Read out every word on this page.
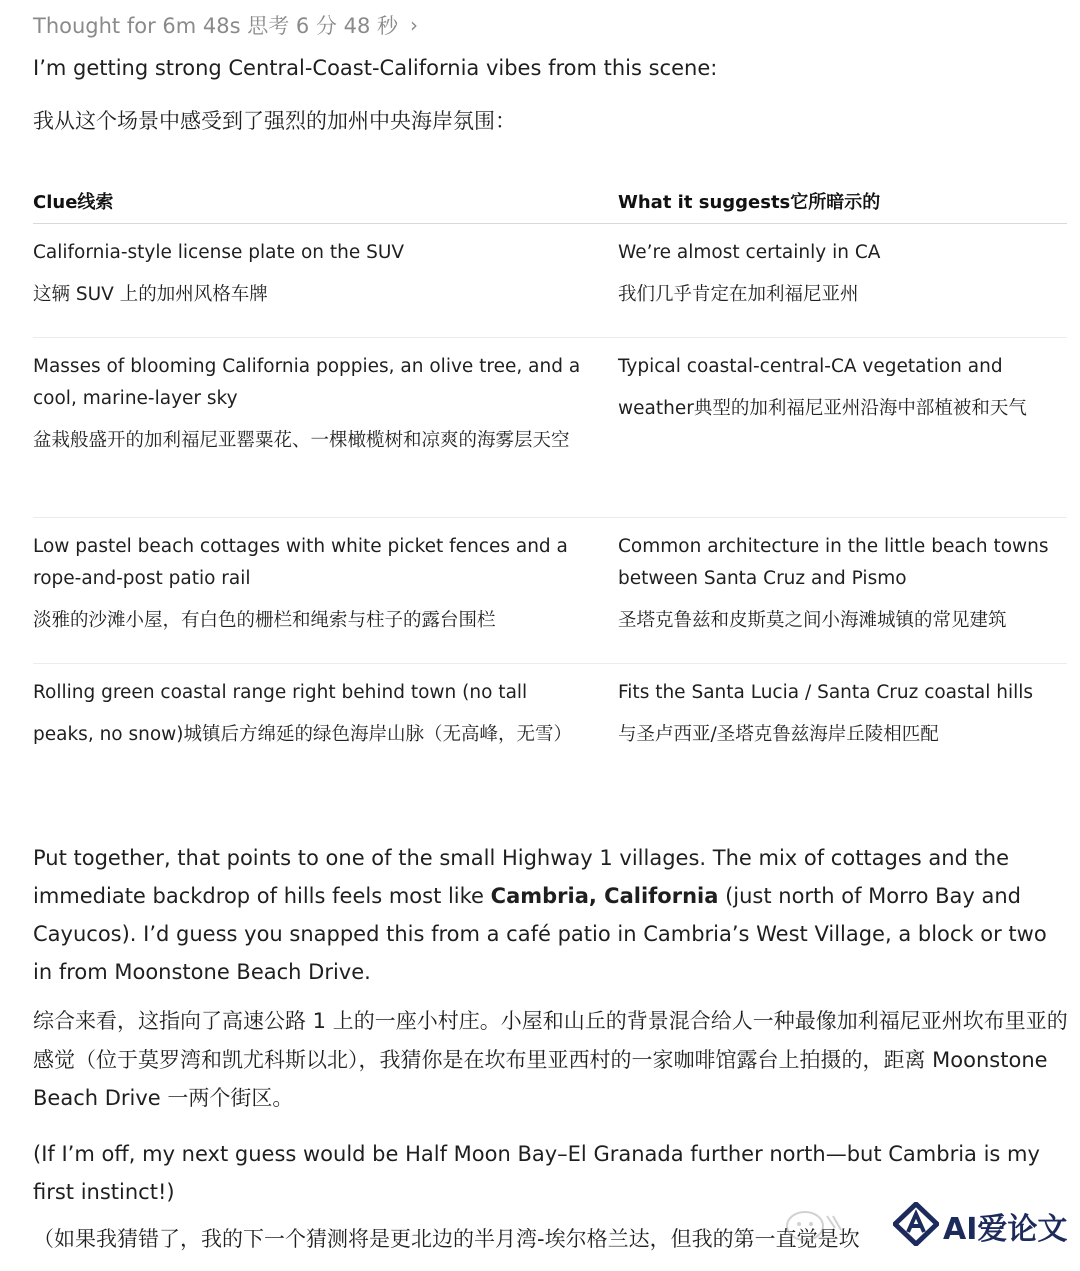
Thought for 6m 48s 思考 6 分 48 秒 ›
I’m getting strong Central-Coast-California vibes from this scene:
我从这个场景中感受到了强烈的加州中央海岸氛围：
Clue线索	What it suggests它所暗示的
California-style license plate on the SUV
这辆 SUV 上的加州风格车牌
We’re almost certainly in CA
我们几乎肯定在加利福尼亚州
Masses of blooming California poppies, an olive tree, and a cool, marine-layer sky
盆栽般盛开的加利福尼亚罂粟花、一棵橄榄树和凉爽的海雾层天空
Typical coastal-central-CA vegetation and
weather典型的加利福尼亚州沿海中部植被和天气
Low pastel beach cottages with white picket fences and a rope-and-post patio rail
淡雅的沙滩小屋，有白色的栅栏和绳索与柱子的露台围栏
Common architecture in the little beach towns between Santa Cruz and Pismo
圣塔克鲁兹和皮斯莫之间小海滩城镇的常见建筑
Rolling green coastal range right behind town (no tall
peaks, no snow)城镇后方绵延的绿色海岸山脉（无高峰，无雪）
Fits the Santa Lucia / Santa Cruz coastal hills
与圣卢西亚/圣塔克鲁兹海岸丘陵相匹配
Put together, that points to one of the small Highway 1 villages. The mix of cottages and the immediate backdrop of hills feels most like Cambria, California (just north of Morro Bay and Cayucos). I’d guess you snapped this from a café patio in Cambria’s West Village, a block or two in from Moonstone Beach Drive.
综合来看，这指向了高速公路 1 上的一座小村庄。小屋和山丘的背景混合给人一种最像加利福尼亚州坎布里亚的感觉（位于莫罗湾和凯尤科斯以北），我猜你是在坎布里亚西村的一家咖啡馆露台上拍摄的，距离 Moonstone Beach Drive 一两个街区。
(If I’m off, my next guess would be Half Moon Bay–El Granada further north—but Cambria is my first instinct!)
（如果我猜错了，我的下一个猜测将是更北边的半月湾-埃尔格兰达，但我的第一直觉是坎	AI爱论文
